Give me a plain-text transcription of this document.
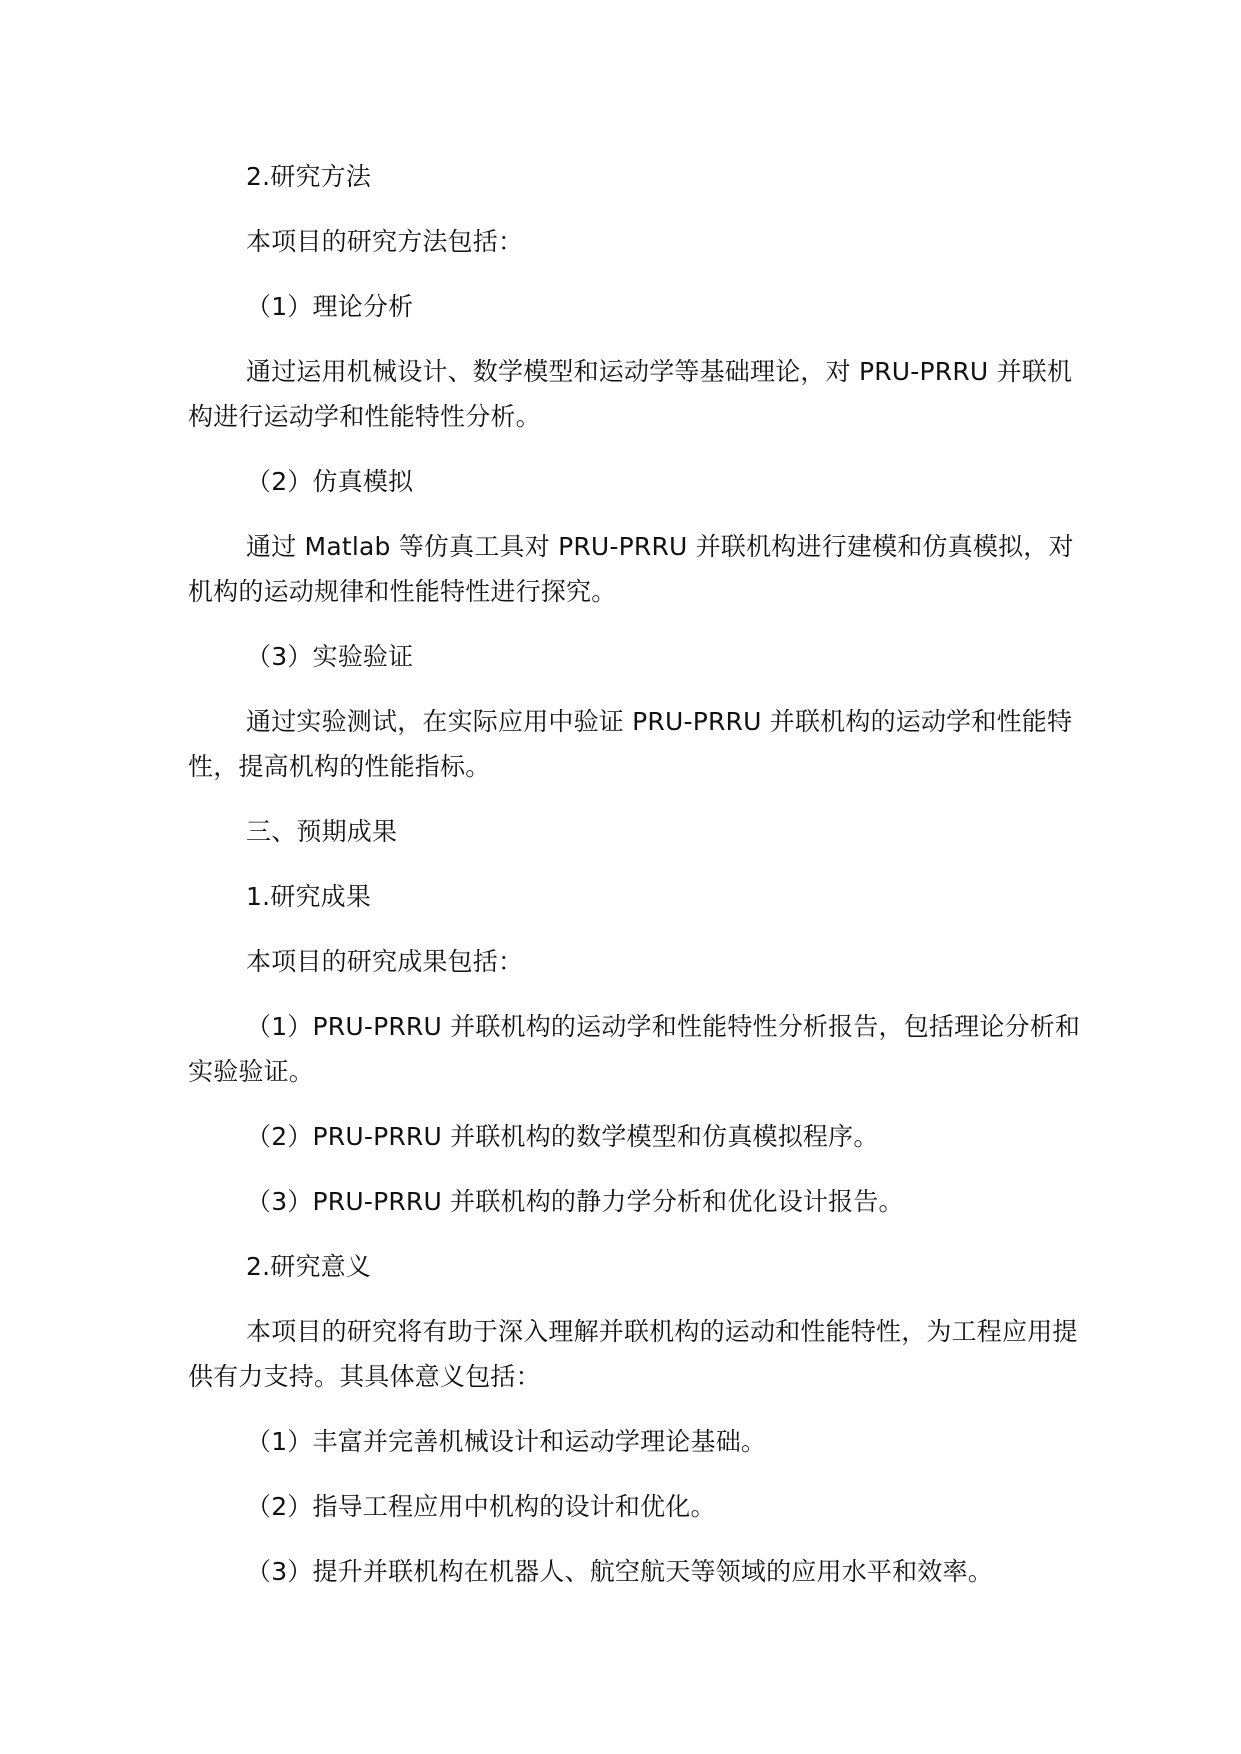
2.研究方法

本项目的研究方法包括：

（1）理论分析

通过运用机械设计、数学模型和运动学等基础理论，对 PRU-PRRU 并联机构进行运动学和性能特性分析。

（2）仿真模拟

通过 Matlab 等仿真工具对 PRU-PRRU 并联机构进行建模和仿真模拟，对机构的运动规律和性能特性进行探究。

（3）实验验证

通过实验测试，在实际应用中验证 PRU-PRRU 并联机构的运动学和性能特性，提高机构的性能指标。

三、预期成果

1.研究成果

本项目的研究成果包括：

（1）PRU-PRRU 并联机构的运动学和性能特性分析报告，包括理论分析和实验验证。

（2）PRU-PRRU 并联机构的数学模型和仿真模拟程序。

（3）PRU-PRRU 并联机构的静力学分析和优化设计报告。

2.研究意义

本项目的研究将有助于深入理解并联机构的运动和性能特性，为工程应用提供有力支持。其具体意义包括：

（1）丰富并完善机械设计和运动学理论基础。

（2）指导工程应用中机构的设计和优化。

（3）提升并联机构在机器人、航空航天等领域的应用水平和效率。
